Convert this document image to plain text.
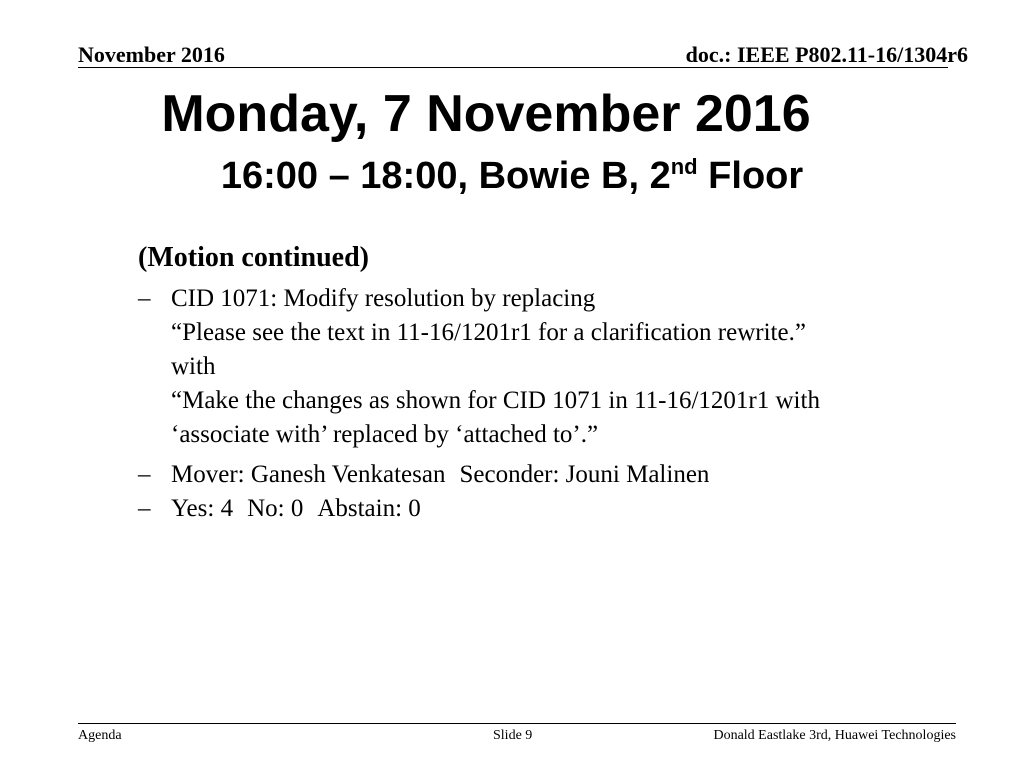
November 2016	doc.: IEEE P802.11-16/1304r6
Monday, 7 November 2016
16:00 – 18:00, Bowie B, 2nd Floor
(Motion continued)
– CID 1071: Modify resolution by replacing
“Please see the text in 11-16/1201r1 for a clarification rewrite.”
with
“Make the changes as shown for CID 1071 in 11-16/1201r1 with
‘associate with’ replaced by ‘attached to’.”
– Mover: Ganesh Venkatesan Seconder: Jouni Malinen
– Yes: 4 No: 0 Abstain: 0
Agenda	Slide 9	Donald Eastlake 3rd, Huawei Technologies
